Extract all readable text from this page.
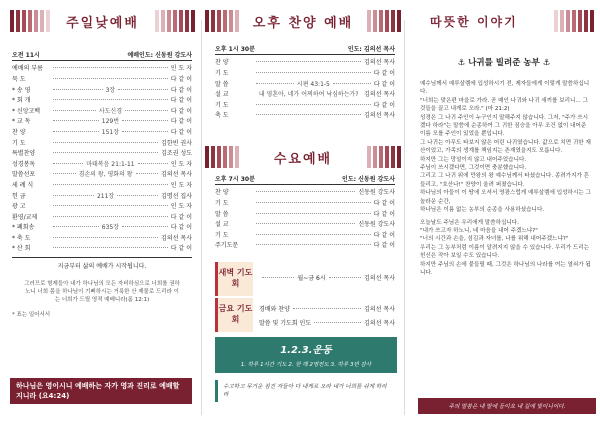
주일낮예배
오전 11시	예배인도: 신동원 강도사
예배의 부름	인 도 자
묵 도	다 같 이
* 송 영	3장	다 같 이
* 회 개	다 같 이
* 신앙고백	사도신경	다 같 이
* 교 독	129번	다 같 이
찬 양	151장	다 같 이
기 도	김한빈 권사
특별찬양	김조권 성도
성경봉독	마태복음 21:1-11	인 도 자
말씀선포	겸손의 왕, 평화의 왕	김의선 목사
세 례 식	인 도 자
헌 금	211장	김명선 집사
광 고	인 도 자
환영/교제	다 같 이
* 폐회송	635장	다 같 이
* 축 도	김의선 목사
* 산 회	다 같 이
지금부터 삶의 예배가 시작됩니다.
그러므로 형제들아 내가 하나님의 모든 자비하심으로 너희를 권하노니 너희 몸을 하나님이 기뻐하시는 거룩한 산 제물로 드리라 이는 너희가 드릴 영적 예배니라(롬 12:1)
* 표는 일어서서
하나님은 영이시니 예배하는 자가 영과 진리로 예배할지니라 (요4:24)
오후 찬양 예배
오후 1시 30분	인도: 김의선 목사
찬 양	김의선 목사
기 도	다 같 이
말 씀	시편 43:1-5	다 같 이
설 교	내 영혼아, 네가 어찌하여 낙심하는가? 김의선 목사
기 도	다 같 이
축 도	김의선 목사
수요예배
오후 7시 30분	인도: 신동원 강도사
찬 양	신동원 강도사
기 도	다 같 이
말 씀	다 같 이
설 교	신동원 강도사
기 도	다 같 이
주기도문	다 같 이
새벽 기도회
월~금 6시	김의선 목사
금요 기도회
경배와 찬양	김의선 목사
말씀 및 기도회 인도	김의선 목사
1.2.3.운동
1. 하루 1시간 기도 2. 한 해 2명전도 3. 하루 3번 감사
수고하고 무거운 짐진 자들아 다 내게로 오라 내가 너희를 쉬게 하리라
따뜻한 이야기
⚓ 나귀를 빌려준 농부 ⚓
예수님께서 예루살렘에 입성하시기 전, 제자들에게 이렇게 말씀하십니다.
"너희는 맞은편 마을로 가라. 곧 매인 나귀와 나귀 새끼를 보리니... 그것들을 끌고 내게로 오라." (마 21:2)
성경은 그 나귀 주인이 누구인지 말해주지 않습니다. 그저, "주가 쓰시겠다 하라"는 말씀에 순종하여 그 귀한 짐승을 아무 조건 없이 내어준 이름 모를 주인이 있었을 뿐입니다.
그 나귀는 아무도 타보지 않은 어린 나귀였습니다. 값으로 치면 귀한 재산이었고, 가족의 생계를 책임지는 존재였을지도 모릅니다.
하지만 그는 망설이지 않고 내어주었습니다.
주님이 쓰시겠다면, 그것이면 충분했습니다.
그리고 그 나귀 위에 만왕의 왕 예수님께서 타셨습니다. 종려가지가 흔들리고, "호산나!" 찬양이 울려 퍼졌습니다.
하나님의 아들이 이 땅에 오셔서 영광스럽게 예루살렘에 입성하시는 그 놀라운 순간,
하나님은 이름 없는 농부의 순종을 사용하셨습니다.
오늘날도 주님은 우리에게 말씀하십니다.
"내가 쓰고자 하노니, 네 마음을 내어 주겠느냐?"
"너의 시간과 손을, 섬김과 자녀를, 나를 위해 내어주겠느냐?"
우리는 그 농부처럼 이름이 알려지지 않을 수 있습니다. 우리가 드리는 헌신은 작아 보일 수도 있습니다.
하지만 주님의 손에 붙들릴 때, 그것은 하나님의 나라를 여는 열쇠가 됩니다.
주의 말씀은 내 발에 등이요 내 길에 빛이니이다.
